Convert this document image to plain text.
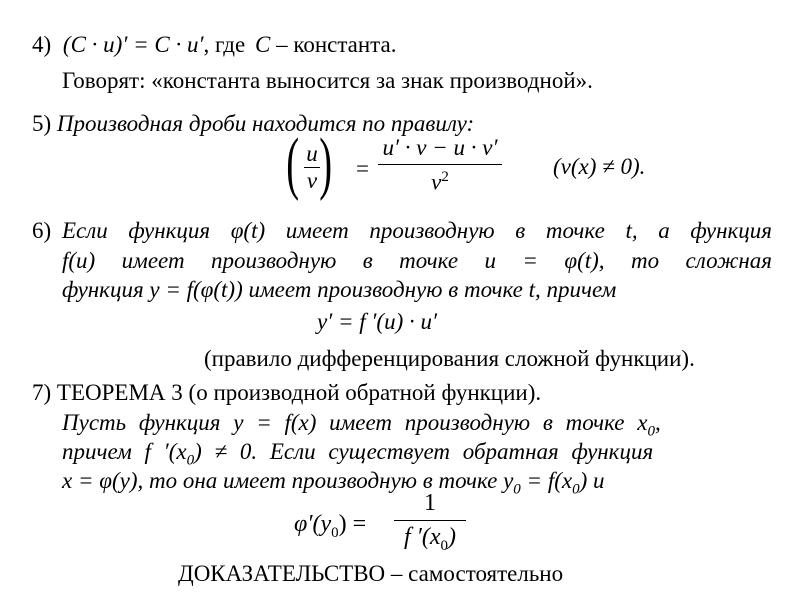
4) (C · u)′ = C · u′, где C – константа.
Говорят: «константа выносится за знак производной».
5) Производная дроби находится по правилу:
( u
v ) =
u′ · v − u · v′
$v^2$	(v(x) ≠ 0).
6) Если функция φ(t) имеет производную в точке t, а функция
f(u) имеет производную в точке u = φ(t), то сложная
функция y = f(φ(t)) имеет производную в точке t, причем
y′ = f ′(u) · u′
(правило дифференцирования сложной функции).
7) ТЕОРЕМА 3 (о производной обратной функции).
Пусть функция y = f(x) имеет производную в точке $x_0$,
причем f $'(x_0) \ne 0$. Если существует обратная функция
x = φ(y), то она имеет производную в точке $y_0 = f(x_0)$ и
$\varphi'(y_0)$ =
1
f $'(x_0)$
ДОКАЗАТЕЛЬСТВО – самостоятельно
